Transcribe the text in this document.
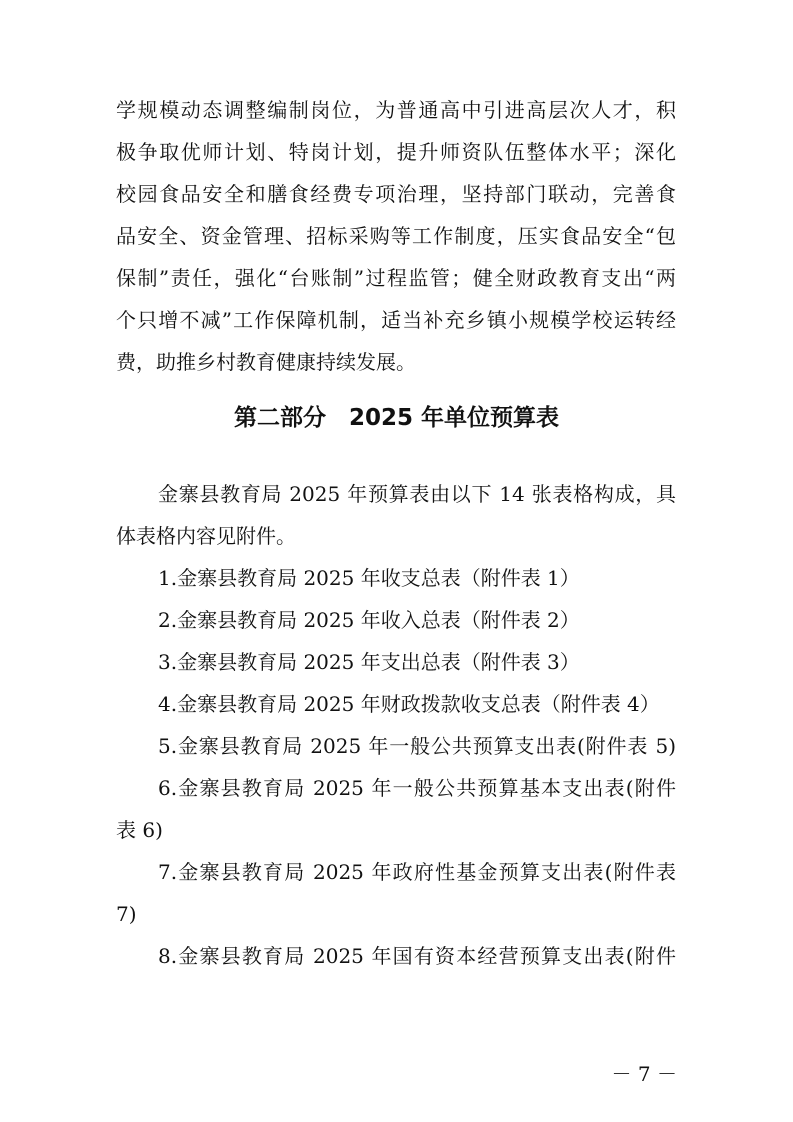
学规模动态调整编制岗位，为普通高中引进高层次人才，积
极争取优师计划、特岗计划，提升师资队伍整体水平；深化
校园食品安全和膳食经费专项治理，坚持部门联动，完善食
品安全、资金管理、招标采购等工作制度，压实食品安全“包
保制”责任，强化“台账制”过程监管；健全财政教育支出“两
个只增不减”工作保障机制，适当补充乡镇小规模学校运转经
费，助推乡村教育健康持续发展。
第二部分　2025 年单位预算表
金寨县教育局 2025 年预算表由以下 14 张表格构成，具
体表格内容见附件。
1.金寨县教育局 2025 年收支总表（附件表 1）
2.金寨县教育局 2025 年收入总表（附件表 2）
3.金寨县教育局 2025 年支出总表（附件表 3）
4.金寨县教育局 2025 年财政拨款收支总表（附件表 4）
5.金寨县教育局 2025 年一般公共预算支出表(附件表 5)
6.金寨县教育局 2025 年一般公共预算基本支出表(附件
表 6)
7.金寨县教育局 2025 年政府性基金预算支出表(附件表
7)
8.金寨县教育局 2025 年国有资本经营预算支出表(附件
－ 7 －
